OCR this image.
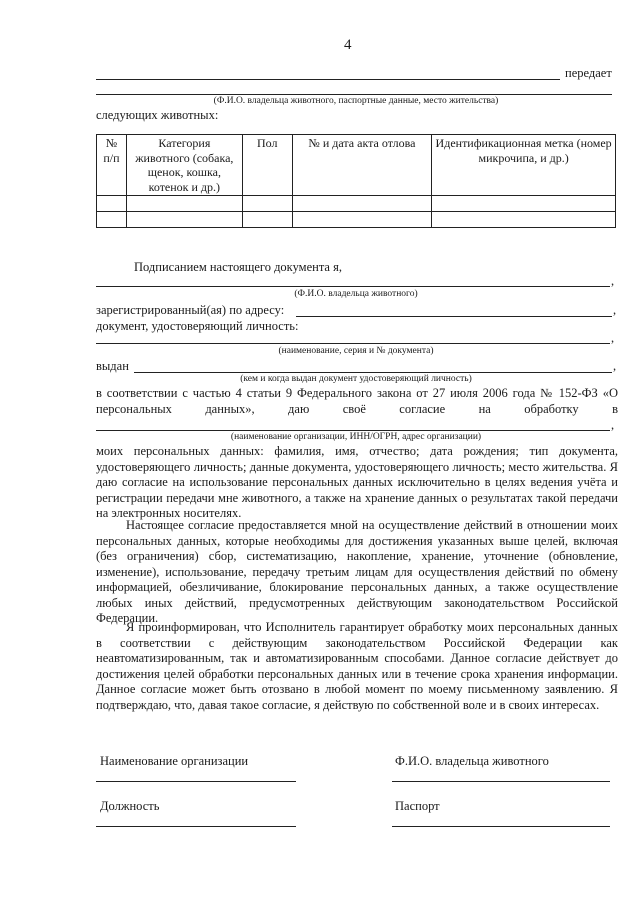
4
передает
(Ф.И.О. владельца животного, паспортные данные, место жительства)
следующих животных:
№ п/п	Категория животного (собака, щенок, кошка, котенок и др.)	Пол	№ и дата акта отлова	Идентификационная метка (номер микрочипа, и др.)

Подписанием настоящего документа я,
,
(Ф.И.О. владельца животного)
зарегистрированный(ая) по адресу:	,
документ, удостоверяющий личность:
,
(наименование, серия и № документа)
выдан	,
(кем и когда выдан документ удостоверяющий личность)
в соответствии с частью 4 статьи 9 Федерального закона от 27 июля 2006 года № 152-ФЗ «О персональных данных», даю своё согласие на обработку в
,
(наименование организации, ИНН/ОГРН, адрес организации)
моих персональных данных: фамилия, имя, отчество; дата рождения; тип документа, удостоверяющего личность; данные документа, удостоверяющего личность; место жительства. Я даю согласие на использование персональных данных исключительно в целях ведения учёта и регистрации передачи мне животного, а также на хранение данных о результатах такой передачи на электронных носителях.
Настоящее согласие предоставляется мной на осуществление действий в отношении моих персональных данных, которые необходимы для достижения указанных выше целей, включая (без ограничения) сбор, систематизацию, накопление, хранение, уточнение (обновление, изменение), использование, передачу третьим лицам для осуществления действий по обмену информацией, обезличивание, блокирование персональных данных, а также осуществление любых иных действий, предусмотренных действующим законодательством Российской Федерации.
Я проинформирован, что Исполнитель гарантирует обработку моих персональных данных в соответствии с действующим законодательством Российской Федерации как неавтоматизированным, так и автоматизированным способами. Данное согласие действует до достижения целей обработки персональных данных или в течение срока хранения информации. Данное согласие может быть отозвано в любой момент по моему письменному заявлению. Я подтверждаю, что, давая такое согласие, я действую по собственной воле и в своих интересах.
Наименование организации	Ф.И.О. владельца животного
Должность	Паспорт
